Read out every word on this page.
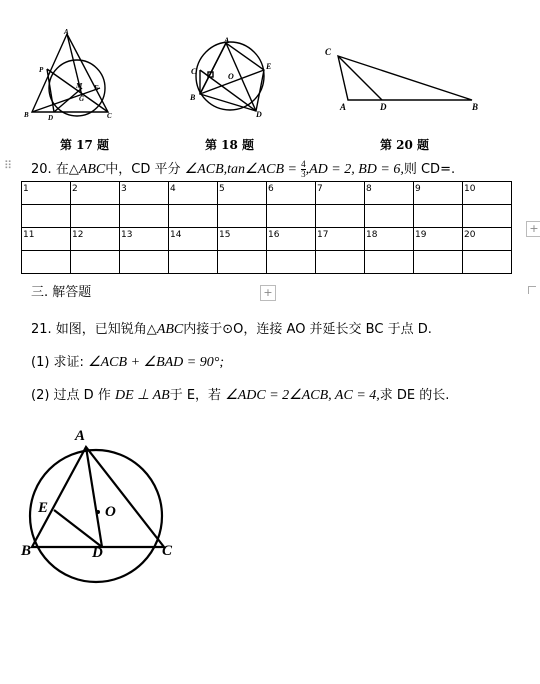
A
P
M E
G
B	D	C
第 17 题
A
C
O
E
B
D
第 18 题
C
A	D	B
第 20 题
⠿ 20. 在△ABC中，CD 平分 ∠ACB,tan∠ACB = $\frac{4}{3} ,AD = 2$, BD = 6,则 CD=.
1	2	3	4	5	6	7	8	9	10

11	12	13	14	15	16	17	18	19	20

										+
+
三. 解答题
21. 如图，已知锐角△ABC内接于⊙O，连接 AO 并延长交 BC 于点 D.
(1) 求证: ∠ACB + ∠BAD = 90°;
(2) 过点 D 作 DE ⊥ AB于 E，若 ∠ADC = 2∠ACB, AC = 4,求 DE 的长.
A
E	O
B	D	C
